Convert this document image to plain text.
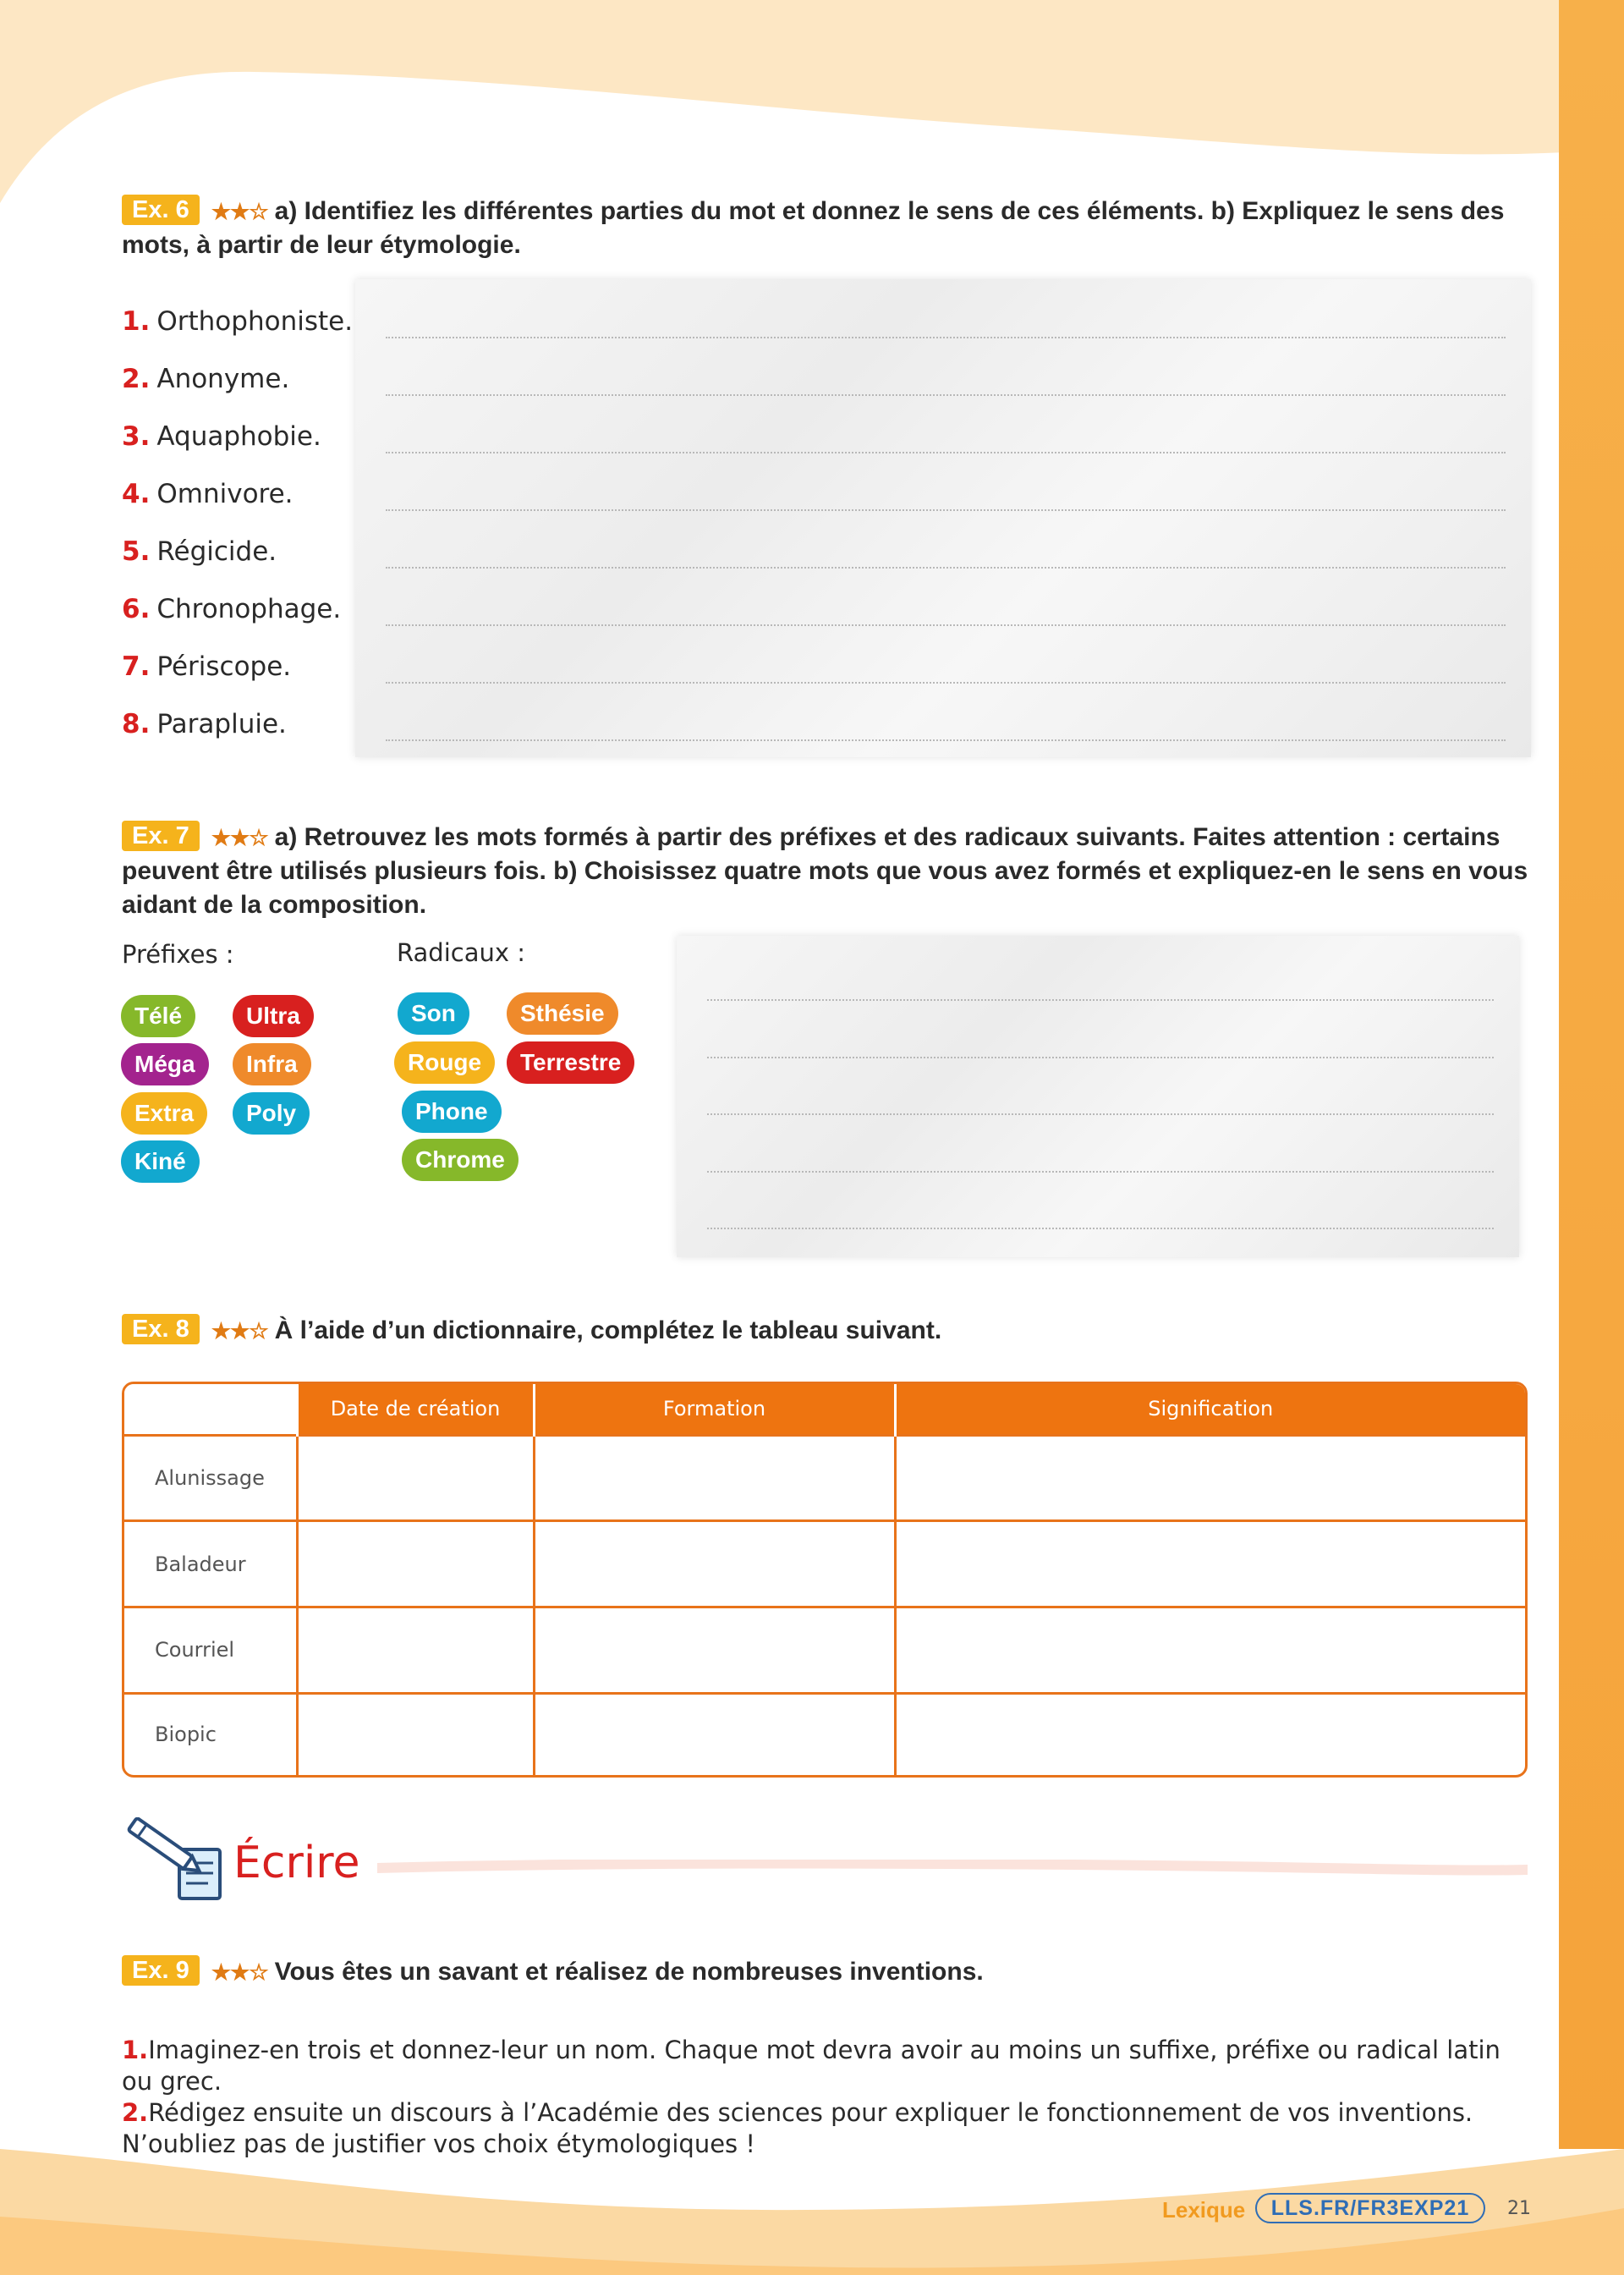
Ex. 6 ★★☆ a) Identifiez les différentes parties du mot et donnez le sens de ces éléments. b) Expliquez le sens des mots, à partir de leur étymologie.
1. Orthophoniste.
2. Anonyme.
3. Aquaphobie.
4. Omnivore.
5. Régicide.
6. Chronophage.
7. Périscope.
8. Parapluie.
Ex. 7 ★★☆ a) Retrouvez les mots formés à partir des préfixes et des radicaux suivants. Faites attention : certains peuvent être utilisés plusieurs fois. b) Choisissez quatre mots que vous avez formés et expliquez-en le sens en vous aidant de la composition.
Préfixes :	Radicaux :
Télé	Ultra
Méga	Infra
Extra	Poly
Kiné
Son	Sthésie
Rouge	Terrestre
Phone
Chrome
Ex. 8 ★★☆ À l’aide d’un dictionnaire, complétez le tableau suivant.
	Date de création	Formation	Signification
Alunissage			
Baladeur			
Courriel			
Biopic			
Écrire
Ex. 9 ★★☆ Vous êtes un savant et réalisez de nombreuses inventions.
1.Imaginez-en trois et donnez-leur un nom. Chaque mot devra avoir au moins un suffixe, préfixe ou radical latin ou grec.
2.Rédigez ensuite un discours à l’Académie des sciences pour expliquer le fonctionnement de vos inventions. N’oubliez pas de justifier vos choix étymologiques !
Lexique	LLS.FR/FR3EXP21	21
